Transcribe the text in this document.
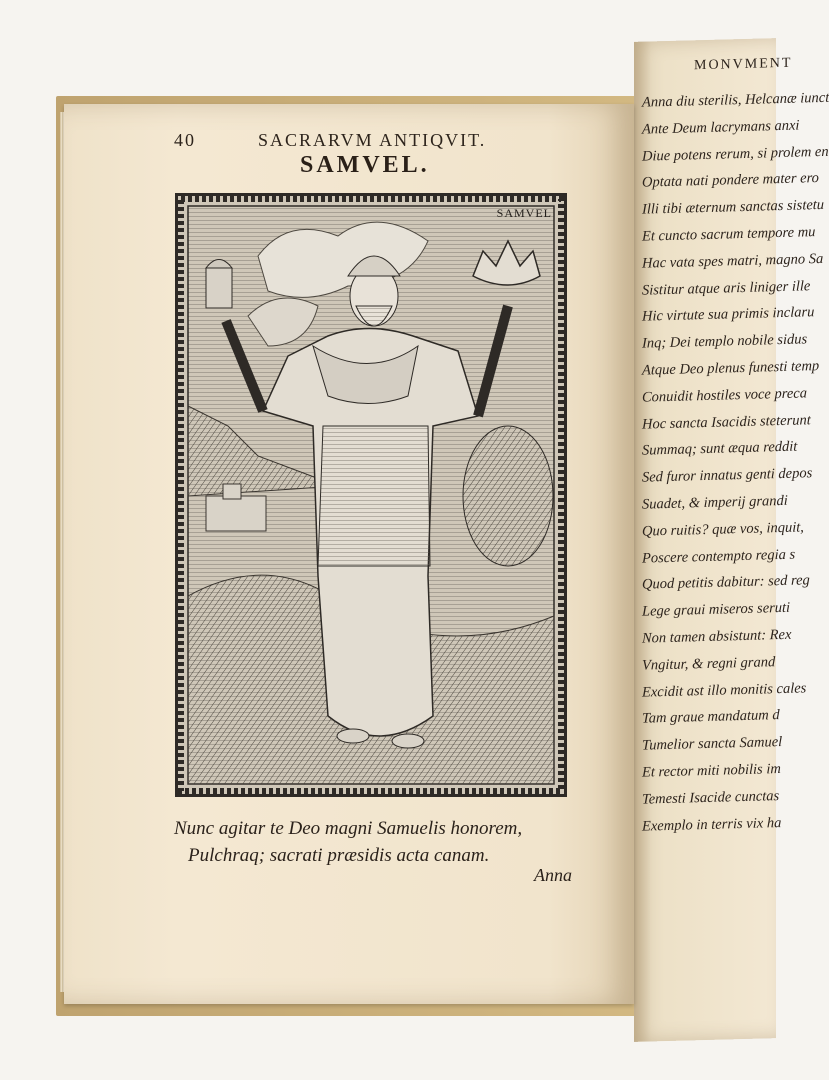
MONVMENT
Anna diu sterilis, Helcanæ iunct
Ante Deum lacrymans anxi
Diue potens rerum, si prolem en
Optata nati pondere mater ero
Illi tibi æternum sanctas sistetu
Et cuncto sacrum tempore mu
Hac vata spes matri, magno Sa
Sistitur atque aris liniger ille
Hic virtute sua primis inclaru
Inq; Dei templo nobile sidus
Atque Deo plenus funesti temp
Conuidit hostiles voce preca
Hoc sancta Isacidis steterunt
Summaq; sunt æqua reddit
Sed furor innatus genti depos
Suadet, & imperij grandi
Quo ruitis? quæ vos, inquit,
Poscere contempto regia s
Quod petitis dabitur: sed reg
Lege graui miseros seruti
Non tamen absistunt: Rex
Vngitur, & regni grand
Excidit ast illo monitis cales
Tam graue mandatum d
Tumelior sancta Samuel
Et rector miti nobilis im
Temesti Isacide cunctas
Exemplo in terris vix ha
40	SACRARVM ANTIQVIT.
SAMVEL.
SAMVEL
Nunc agitar te Deo magni Samuelis honorem,
Pulchraq; sacrati præsidis acta canam.
Anna
